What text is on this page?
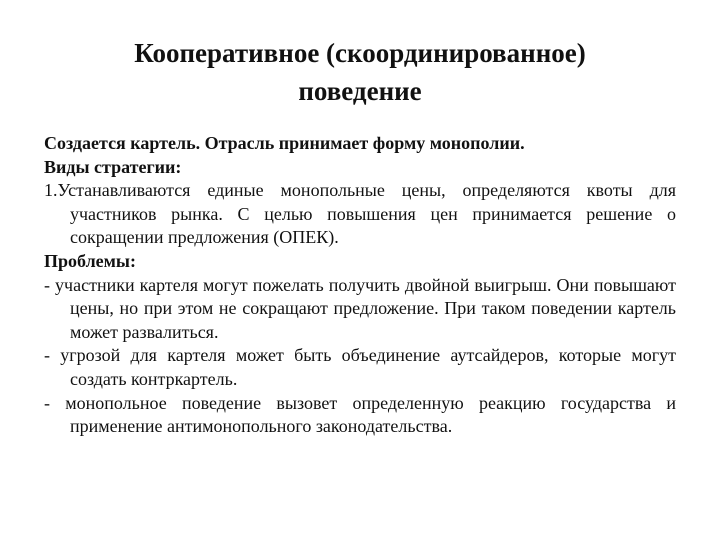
Кооперативное (скоординированное)
поведение

Создается картель. Отрасль принимает форму монополии.

Виды стратегии:

1.Устанавливаются единые монопольные цены, определяются квоты для участников рынка. С целью повышения цен принимается решение о сокращении предложения (ОПЕК).

Проблемы:

- участники картеля могут пожелать получить двойной выигрыш. Они повышают цены, но при этом не сокращают предложение. При таком поведении картель может развалиться.

- угрозой для картеля может быть объединение аутсайдеров, которые могут создать контркартель.

- монопольное поведение вызовет определенную реакцию государства и применение антимонопольного законодательства.
